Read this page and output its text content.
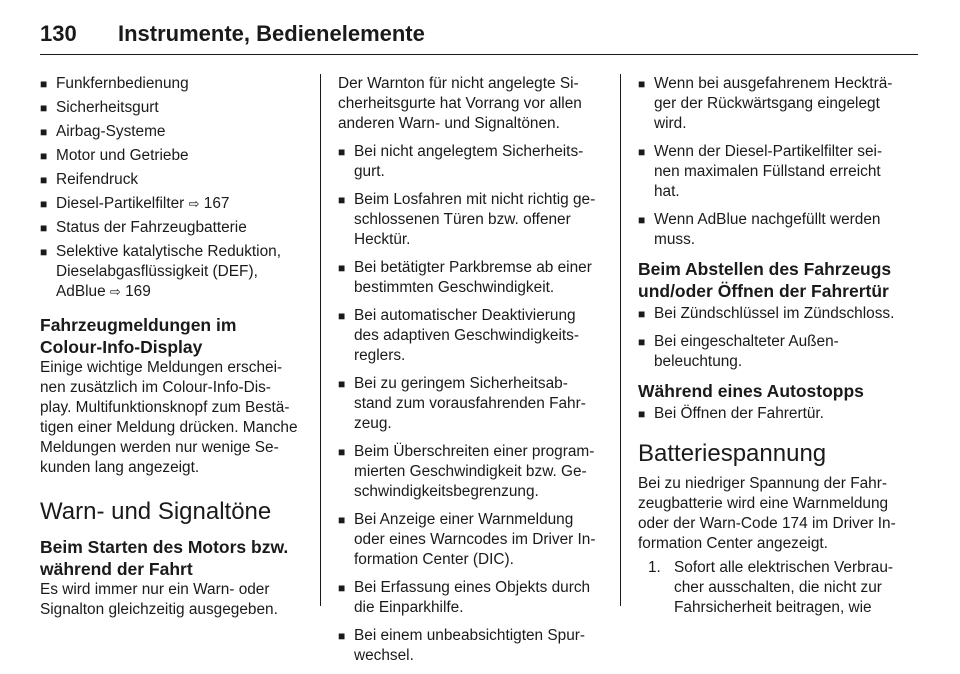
130	Instrumente, Bedienelemente
■ Funkfernbedienung
■ Sicherheitsgurt
■ Airbag-Systeme
■ Motor und Getriebe
■ Reifendruck
■ Diesel-Partikelfilter ⇨ 167
■ Status der Fahrzeugbatterie
■ Selektive katalytische Reduktion, Dieselabgasflüssigkeit (DEF), AdBlue ⇨ 169
Fahrzeugmeldungen im Colour-Info-Display

Einige wichtige Meldungen erschei-nen zusätzlich im Colour-Info-Dis-play. Multifunktionsknopf zum Bestä-tigen einer Meldung drücken. Manche Meldungen werden nur wenige Se-kunden lang angezeigt.

Warn- und Signaltöne
Beim Starten des Motors bzw. während der Fahrt

Es wird immer nur ein Warn- oder Signalton gleichzeitig ausgegeben.

Der Warnton für nicht angelegte Si-cherheitsgurte hat Vorrang vor allen anderen Warn- und Signaltönen.

■ Bei nicht angelegtem Sicherheits-gurt.
■ Beim Losfahren mit nicht richtig ge-schlossenen Türen bzw. offener Hecktür.
■ Bei betätigter Parkbremse ab einer bestimmten Geschwindigkeit.
■ Bei automatischer Deaktivierung des adaptiven Geschwindigkeits-reglers.
■ Bei zu geringem Sicherheitsab-stand zum vorausfahrenden Fahr-zeug.
■ Beim Überschreiten einer program-mierten Geschwindigkeit bzw. Ge-schwindigkeitsbegrenzung.
■ Bei Anzeige einer Warnmeldung oder eines Warncodes im Driver In-formation Center (DIC).
■ Bei Erfassung eines Objekts durch die Einparkhilfe.
■ Bei einem unbeabsichtigten Spur-wechsel.
■ Wenn bei ausgefahrenem Heckträ-ger der Rückwärtsgang eingelegt wird.
■ Wenn der Diesel-Partikelfilter sei-nen maximalen Füllstand erreicht hat.
■ Wenn AdBlue nachgefüllt werden muss.
Beim Abstellen des Fahrzeugs und/oder Öffnen der Fahrertür
■ Bei Zündschlüssel im Zündschloss.
■ Bei eingeschalteter Außen-beleuchtung.
Während eines Autostopps
■ Bei Öffnen der Fahrertür.
Batteriespannung

Bei zu niedriger Spannung der Fahr-zeugbatterie wird eine Warnmeldung oder der Warn-Code 174 im Driver In-formation Center angezeigt.

1. Sofort alle elektrischen Verbrau-cher ausschalten, die nicht zur Fahrsicherheit beitragen, wie
